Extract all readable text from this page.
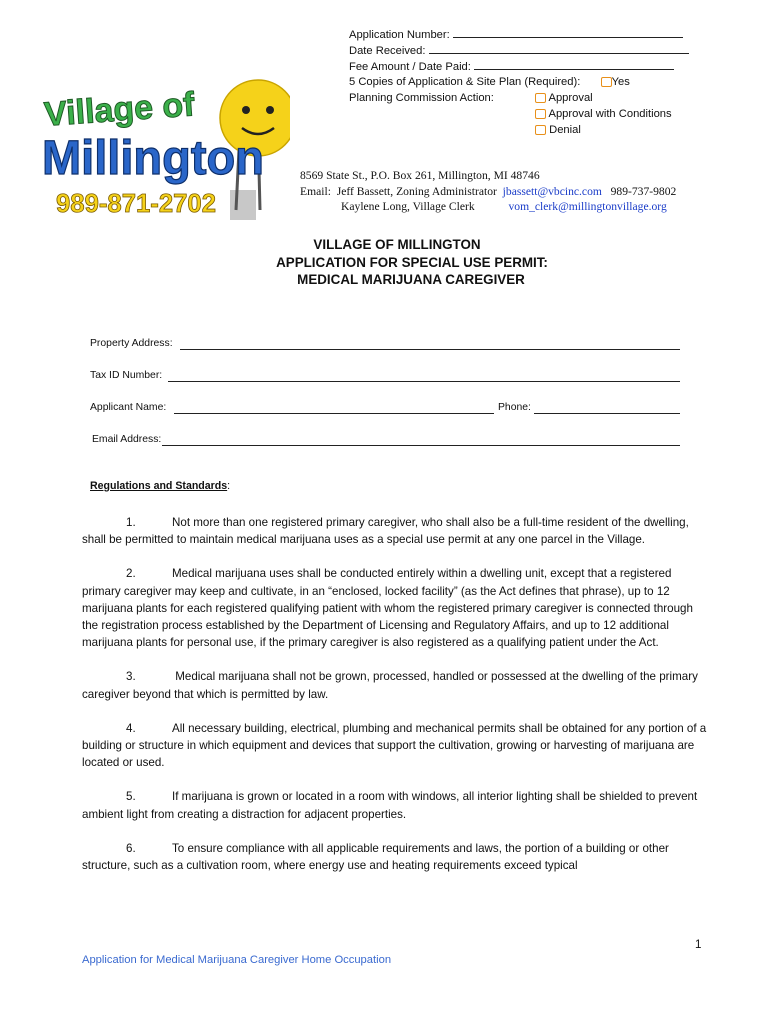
Application Number:
Date Received:
Fee Amount / Date Paid:
5 Copies of Application & Site Plan (Required):	Yes
Planning Commission Action:	Approval
Approval with Conditions
Denial
Village of
Millington
989-871-2702
8569 State St., P.O. Box 261, Millington, MI 48746
Email: Jeff Bassett, Zoning Administrator jbassett@vbcinc.com 989-737-9802
Kaylene Long, Village Clerk	vom_clerk@millingtonvillage.org
VILLAGE OF MILLINGTON
APPLICATION FOR SPECIAL USE PERMIT:
MEDICAL MARIJUANA CAREGIVER
Property Address:
Tax ID Number:
Applicant Name:	Phone:
Email Address:
Regulations and Standards:

1.	Not more than one registered primary caregiver, who shall also be a full-time resident of the dwelling, shall be permitted to maintain medical marijuana uses as a special use permit at any one parcel in the Village.

2.	Medical marijuana uses shall be conducted entirely within a dwelling unit, except that a registered primary caregiver may keep and cultivate, in an “enclosed, locked facility” (as the Act defines that phrase), up to 12 marijuana plants for each registered qualifying patient with whom the registered primary caregiver is connected through the registration process established by the Department of Licensing and Regulatory Affairs, and up to 12 additional marijuana plants for personal use, if the primary caregiver is also registered as a qualifying patient under the Act.

3.	Medical marijuana shall not be grown, processed, handled or possessed at the dwelling of the primary caregiver beyond that which is permitted by law.

4.	All necessary building, electrical, plumbing and mechanical permits shall be obtained for any portion of a building or structure in which equipment and devices that support the cultivation, growing or harvesting of marijuana are located or used.

5.	If marijuana is grown or located in a room with windows, all interior lighting shall be shielded to prevent ambient light from creating a distraction for adjacent properties.

6.	To ensure compliance with all applicable requirements and laws, the portion of a building or other structure, such as a cultivation room, where energy use and heating requirements exceed typical

1
Application for Medical Marijuana Caregiver Home Occupation
